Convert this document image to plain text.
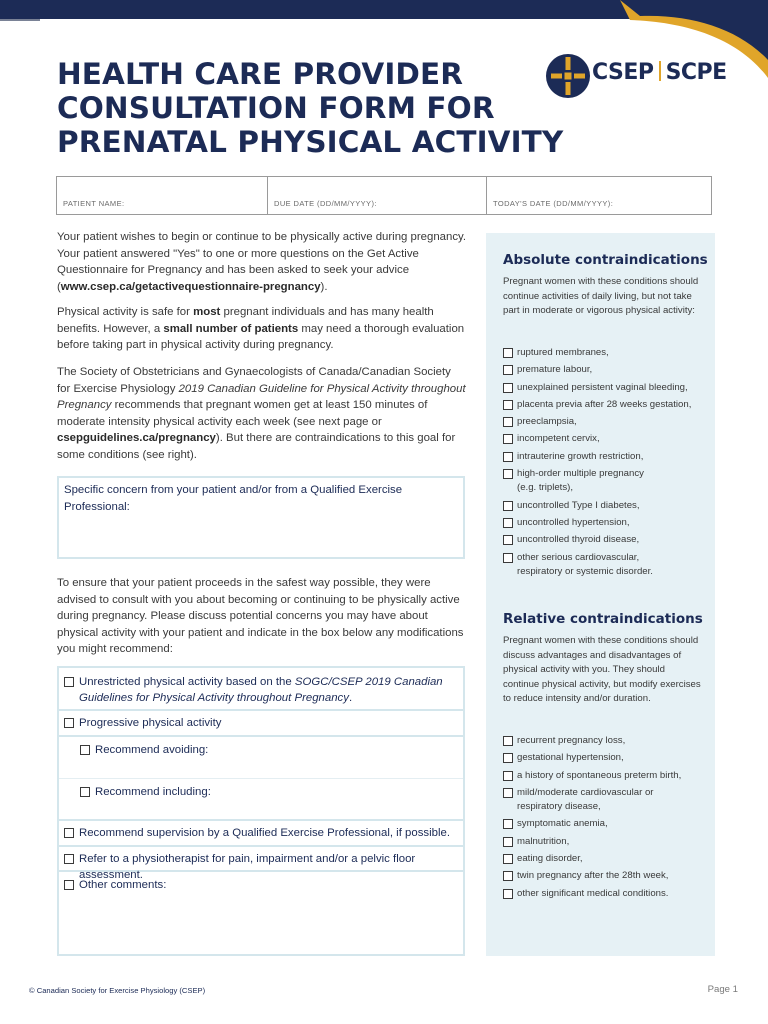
HEALTH CARE PROVIDER
CONSULTATION FORM FOR
PRENATAL PHYSICAL ACTIVITY
CSEP SCPE
PATIENT NAME:	DUE DATE (DD/MM/YYYY):	TODAY'S DATE (DD/MM/YYYY):

Your patient wishes to begin or continue to be physically active during pregnancy. Your patient answered "Yes" to one or more questions on the Get Active Questionnaire for Pregnancy and has been asked to seek your advice (www.csep.ca/getactivequestionnaire-pregnancy).

Physical activity is safe for most pregnant individuals and has many health benefits. However, a small number of patients may need a thorough evaluation before taking part in physical activity during pregnancy.

The Society of Obstetricians and Gynaecologists of Canada/Canadian Society for Exercise Physiology 2019 Canadian Guideline for Physical Activity throughout Pregnancy recommends that pregnant women get at least 150 minutes of moderate intensity physical activity each week (see next page or csepguidelines.ca/pregnancy). But there are contraindications to this goal for some conditions (see right).

Specific concern from your patient and/or from a Qualified Exercise Professional:

To ensure that your patient proceeds in the safest way possible, they were advised to consult with you about becoming or continuing to be physically active during pregnancy. Please discuss potential concerns you may have about physical activity with your patient and indicate in the box below any modifications you might recommend:

Unrestricted physical activity based on the SOGC/CSEP 2019 Canadian Guidelines for Physical Activity throughout Pregnancy.
Progressive physical activity
Recommend avoiding:
Recommend including:
Recommend supervision by a Qualified Exercise Professional, if possible.
Refer to a physiotherapist for pain, impairment and/or a pelvic floor assessment.
Other comments:
Absolute contraindications

Pregnant women with these conditions should continue activities of daily living, but not take part in moderate or vigorous physical activity:

ruptured membranes,
premature labour,
unexplained persistent vaginal bleeding,
placenta previa after 28 weeks gestation,
preeclampsia,
incompetent cervix,
intrauterine growth restriction,
high-order multiple pregnancy
(e.g. triplets),
uncontrolled Type I diabetes,
uncontrolled hypertension,
uncontrolled thyroid disease,
other serious cardiovascular,
respiratory or systemic disorder.
Relative contraindications

Pregnant women with these conditions should discuss advantages and disadvantages of physical activity with you. They should continue physical activity, but modify exercises to reduce intensity and/or duration.

recurrent pregnancy loss,
gestational hypertension,
a history of spontaneous preterm birth,
mild/moderate cardiovascular or
respiratory disease,
symptomatic anemia,
malnutrition,
eating disorder,
twin pregnancy after the 28th week,
other significant medical conditions.
© Canadian Society for Exercise Physiology (CSEP)	Page 1
